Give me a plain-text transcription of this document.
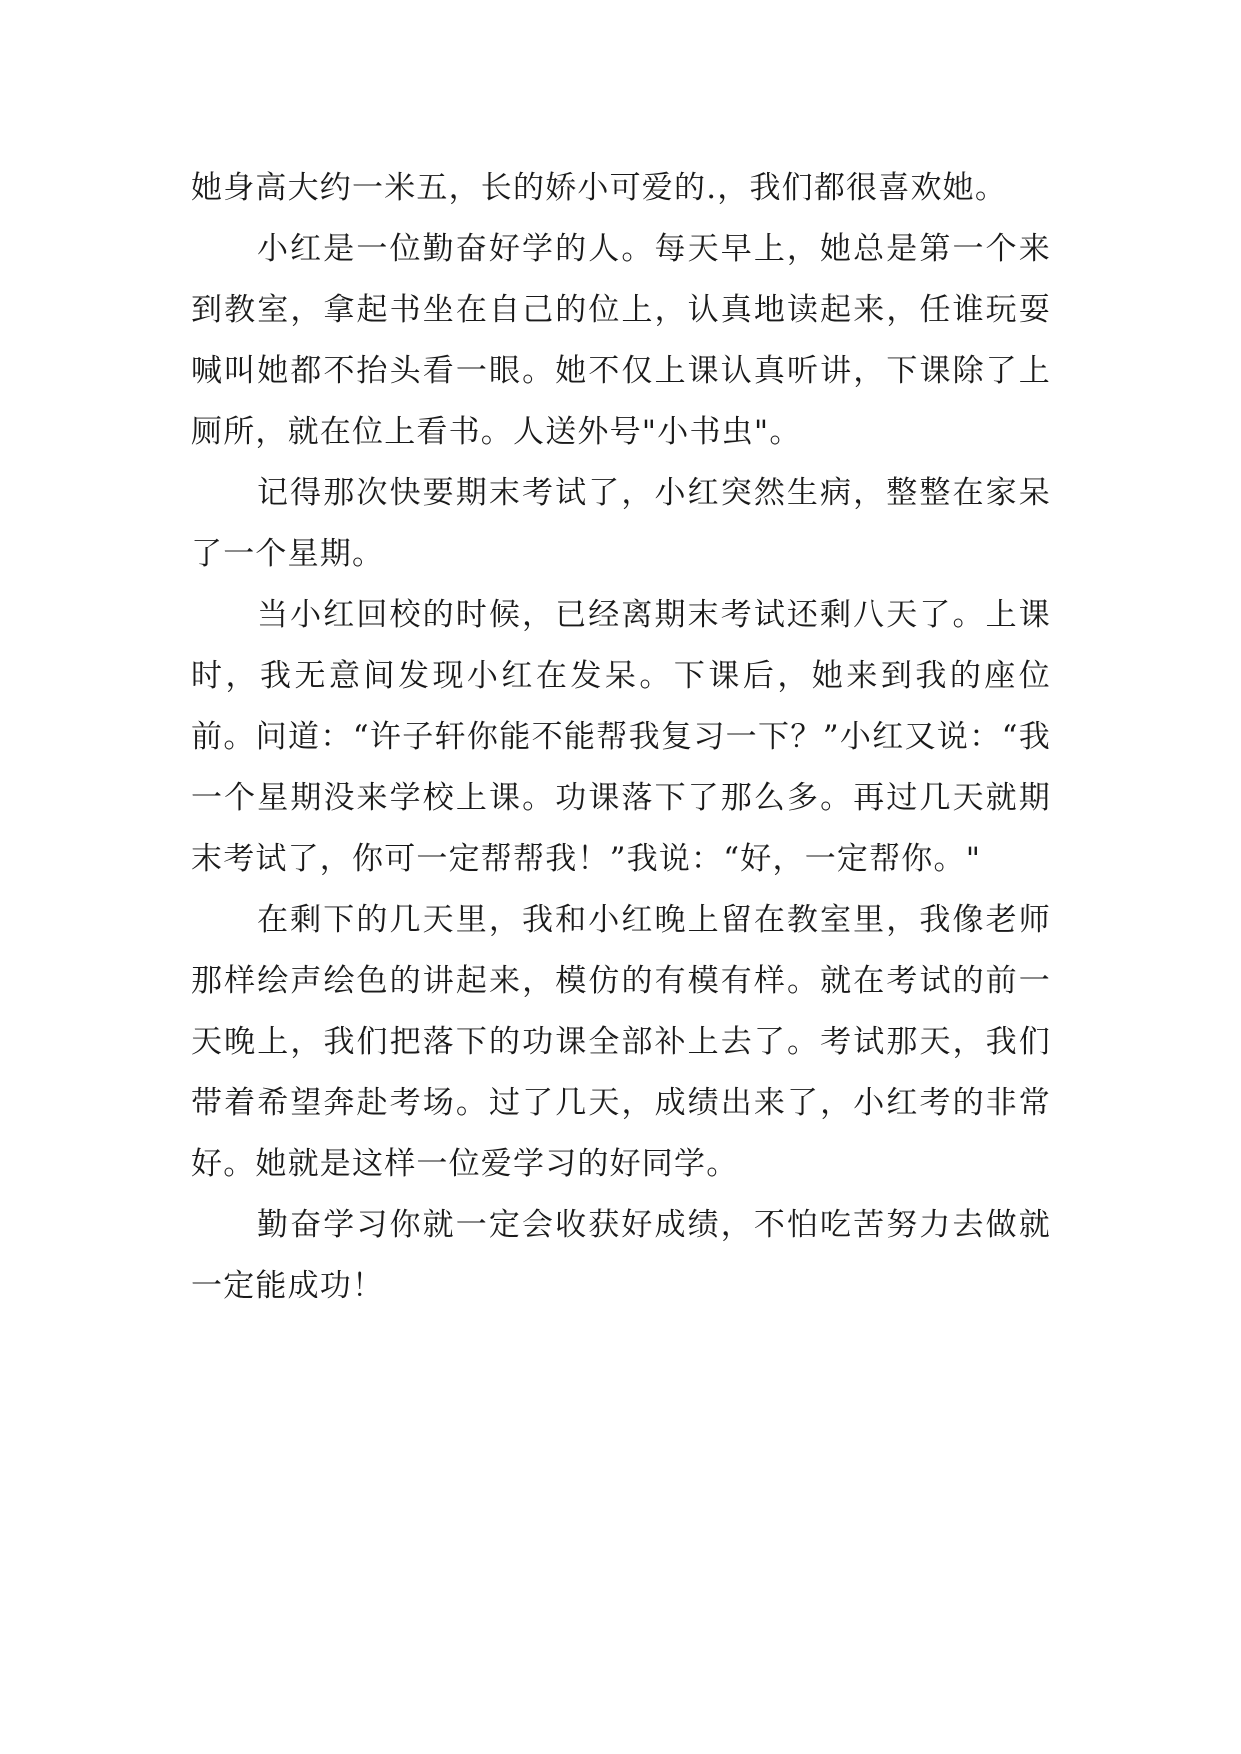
她身高大约一米五，长的娇小可爱的.，我们都很喜欢她。

小红是一位勤奋好学的人。每天早上，她总是第一个来到教室，拿起书坐在自己的位上，认真地读起来，任谁玩耍喊叫她都不抬头看一眼。她不仅上课认真听讲，下课除了上厕所，就在位上看书。人送外号"小书虫"。

记得那次快要期末考试了，小红突然生病，整整在家呆了一个星期。

当小红回校的时候，已经离期末考试还剩八天了。上课时，我无意间发现小红在发呆。下课后，她来到我的座位前。问道：“许子轩你能不能帮我复习一下？”小红又说：“我一个星期没来学校上课。功课落下了那么多。再过几天就期末考试了，你可一定帮帮我！”我说：“好，一定帮你。"

在剩下的几天里，我和小红晚上留在教室里，我像老师那样绘声绘色的讲起来，模仿的有模有样。就在考试的前一天晚上，我们把落下的功课全部补上去了。考试那天，我们带着希望奔赴考场。过了几天，成绩出来了，小红考的非常好。她就是这样一位爱学习的好同学。

勤奋学习你就一定会收获好成绩，不怕吃苦努力去做就一定能成功！
